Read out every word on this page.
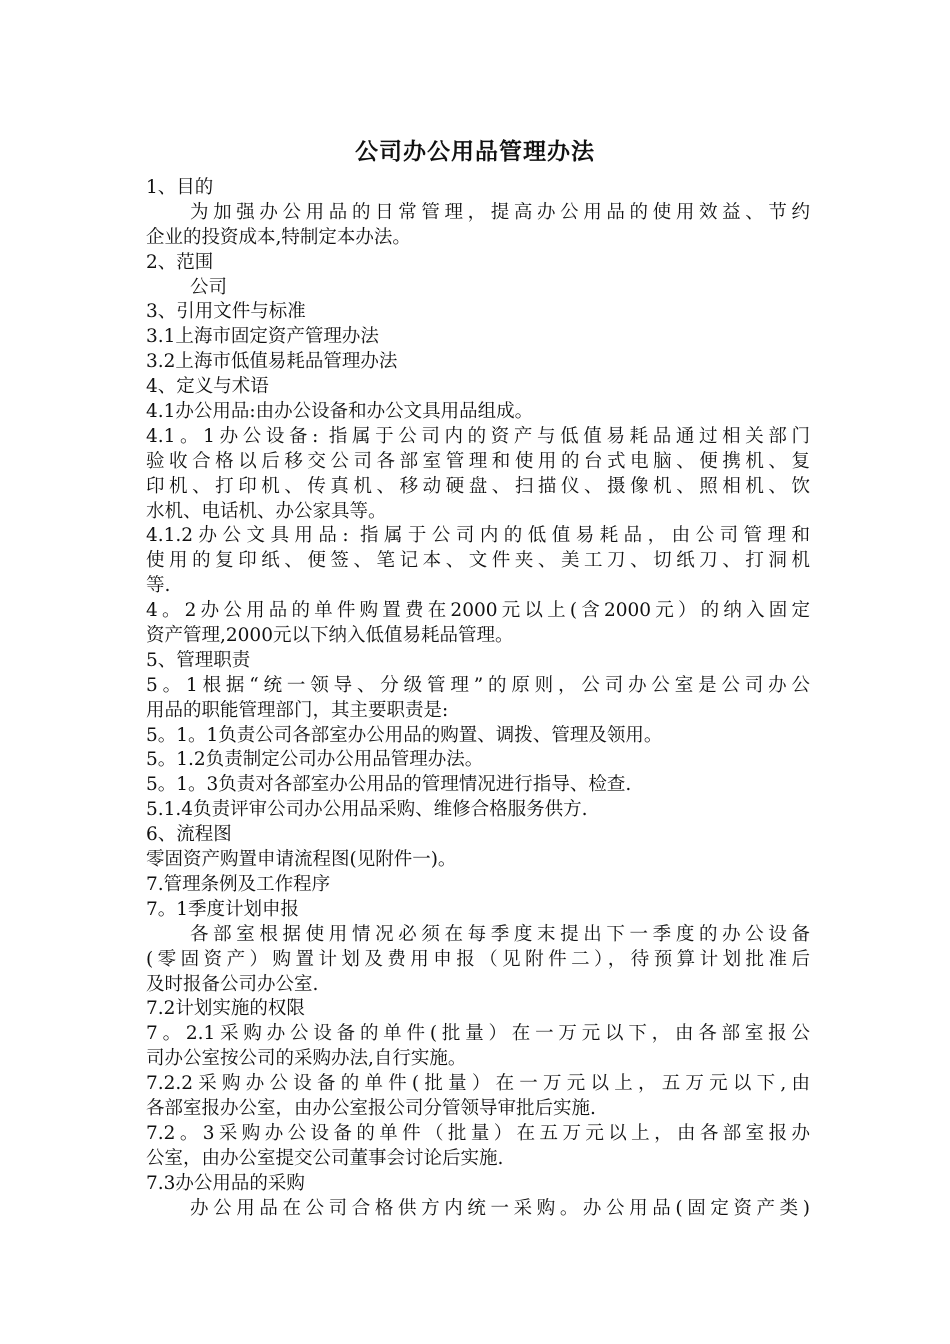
公司办公用品管理办法
1、目的
为加强办公用品的日常管理，提高办公用品的使用效益、节约
企业的投资成本,特制定本办法。
2、范围
公司
3、引用文件与标准
3.1上海市固定资产管理办法
3.2上海市低值易耗品管理办法
4、定义与术语
4.1办公用品:由办公设备和办公文具用品组成。
4.1。1办公设备: 指属于公司内的资产与低值易耗品通过相关部门
验收合格以后移交公司各部室管理和使用的台式电脑、便携机、复
印机、打印机、传真机、移动硬盘、扫描仪、摄像机、照相机、饮
水机、电话机、办公家具等。
4.1.2办公文具用品: 指属于公司内的低值易耗品，由公司管理和
使用的复印纸、便签、笔记本、文件夹、美工刀、切纸刀、打洞机
等.
4。2办公用品的单件购置费在2000元以上(含2000元）的纳入固定
资产管理,2000元以下纳入低值易耗品管理。
5、管理职责
5。1根据“统一领导、分级管理”的原则，公司办公室是公司办公
用品的职能管理部门，其主要职责是:
5。1。1负责公司各部室办公用品的购置、调拨、管理及领用。
5。1.2负责制定公司办公用品管理办法。
5。1。3负责对各部室办公用品的管理情况进行指导、检查.
5.1.4负责评审公司办公用品采购、维修合格服务供方.
6、流程图
零固资产购置申请流程图(见附件一)。
7.管理条例及工作程序
7。1季度计划申报
各部室根据使用情况必须在每季度末提出下一季度的办公设备
(零固资产）购置计划及费用申报（见附件二），待预算计划批准后
及时报备公司办公室.
7.2计划实施的权限
7。2.1采购办公设备的单件(批量）在一万元以下，由各部室报公
司办公室按公司的采购办法,自行实施。
7.2.2采购办公设备的单件(批量）在一万元以上，五万元以下,由
各部室报办公室，由办公室报公司分管领导审批后实施.
7.2。3采购办公设备的单件（批量）在五万元以上，由各部室报办
公室，由办公室提交公司董事会讨论后实施.
7.3办公用品的采购
办公用品在公司合格供方内统一采购。办公用品(固定资产类)
